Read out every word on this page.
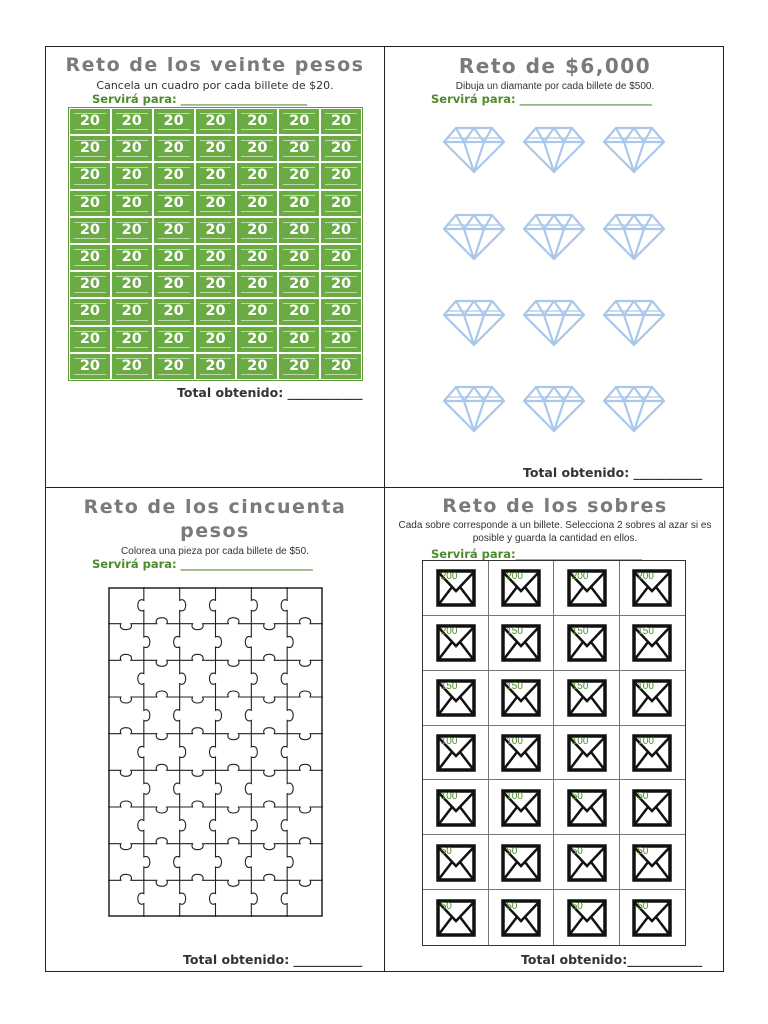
Reto de los veinte pesos
Cancela un cuadro por cada billete de $20.
Servirá para: ______________________
20	20	20	20	20	20	20
20	20	20	20	20	20	20
20	20	20	20	20	20	20
20	20	20	20	20	20	20
20	20	20	20	20	20	20
20	20	20	20	20	20	20
20	20	20	20	20	20	20
20	20	20	20	20	20	20
20	20	20	20	20	20	20
20	20	20	20	20	20	20
Total obtenido: ____________
Reto de $6,000
Dibuja un diamante por cada billete de $500.
Servirá para: _______________________
Total obtenido: ___________
Reto de los cincuenta
pesos
Colorea una pieza por cada billete de $50.
Servirá para: _______________________
Total obtenido: ___________
Reto de los sobres
Cada sobre corresponde a un billete. Selecciona 2 sobres al azar si es
posible y guarda la cantidad en ellos.
Servirá para:______________________
200	200	200	200
200	150	150	150
150	150	150	100
100	100	100	100
100	100	50	50
50	50	50	50
50	50	50	50
Total obtenido:____________
